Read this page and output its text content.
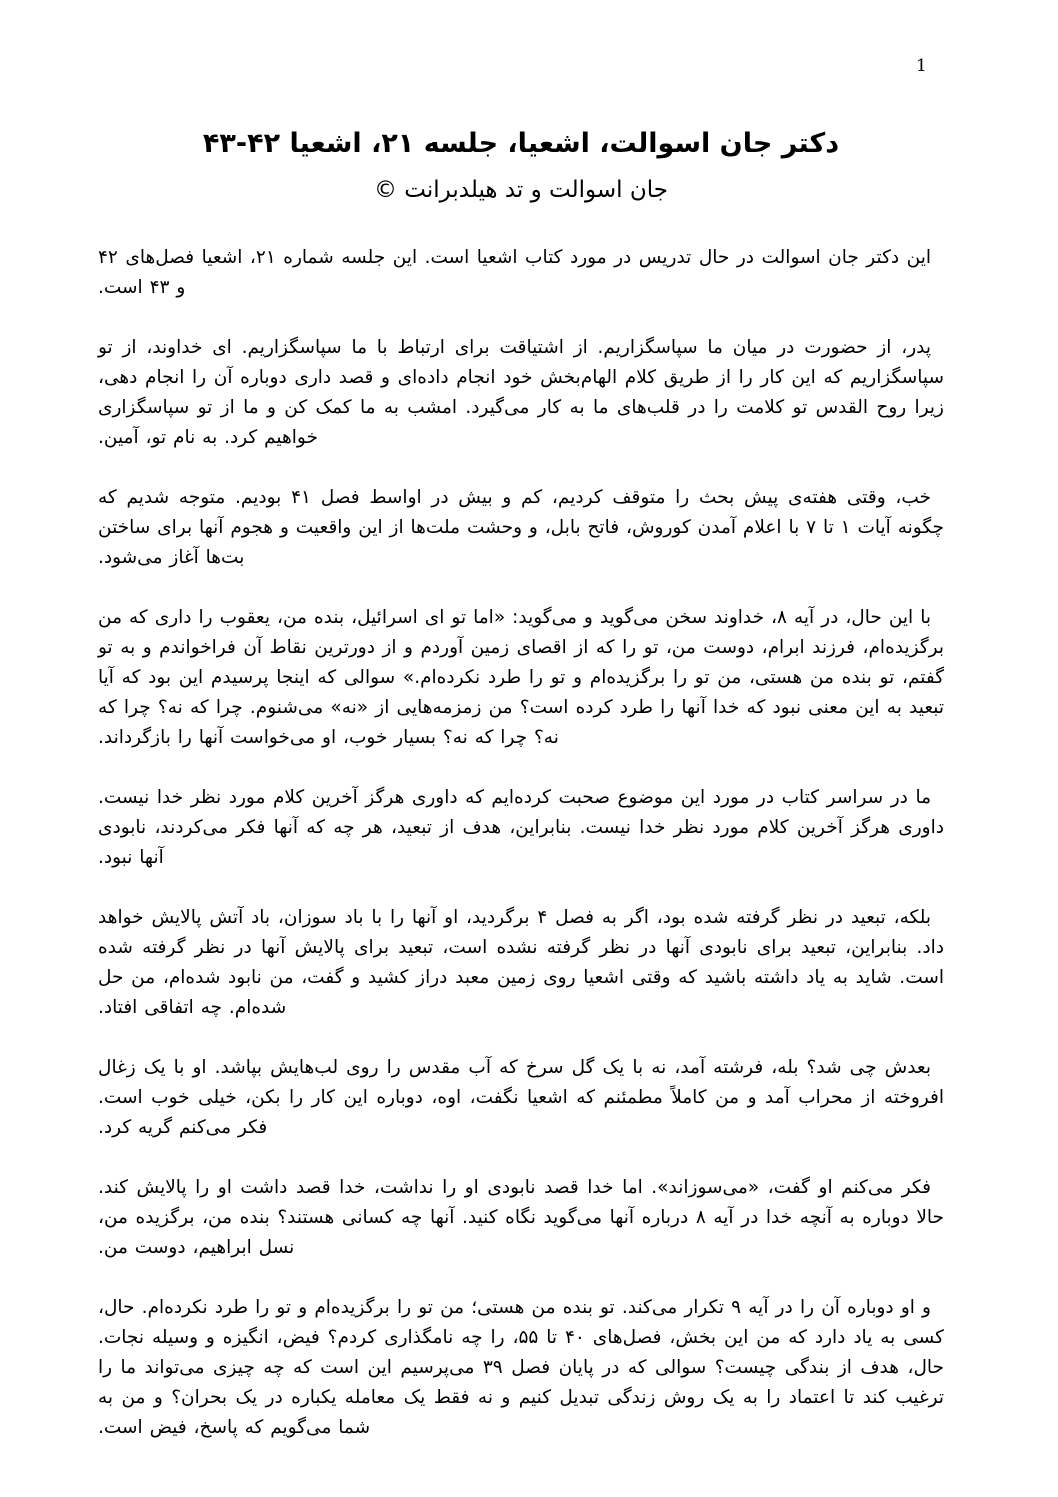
1
دکتر جان اسوالت، اشعیا، جلسه ۲۱، اشعیا ۴۲-۴۳
جان اسوالت و تد هیلدبرانت ©

این دکتر جان اسوالت در حال تدریس در مورد کتاب اشعیا است. این جلسه شماره ۲۱، اشعیا فصل‌های ۴۲ و ۴۳ است.

پدر، از حضورت در میان ما سپاسگزاریم. از اشتیاقت برای ارتباط با ما سپاسگزاریم. ای خداوند، از تو سپاسگزاریم که این کار را از طریق کلام الهام‌بخش خود انجام داده‌ای و قصد داری دوباره آن را انجام دهی، زیرا روح القدس تو کلامت را در قلب‌های ما به کار می‌گیرد. امشب به ما کمک کن و ما از تو سپاسگزاری خواهیم کرد. به نام تو، آمین.

خب، وقتی هفته‌ی پیش بحث را متوقف کردیم، کم و بیش در اواسط فصل ۴۱ بودیم. متوجه شدیم که چگونه آیات ۱ تا ۷ با اعلام آمدن کوروش، فاتح بابل، و وحشت ملت‌ها از این واقعیت و هجوم آنها برای ساختن بت‌ها آغاز می‌شود.

با این حال، در آیه ۸، خداوند سخن می‌گوید و می‌گوید: «اما تو ای اسرائیل، بنده من، یعقوب را داری که من برگزیده‌ام، فرزند ابرام، دوست من، تو را که از اقصای زمین آوردم و از دورترین نقاط آن فراخواندم و به تو گفتم، تو بنده من هستی، من تو را برگزیده‌ام و تو را طرد نکرده‌ام.» سوالی که اینجا پرسیدم این بود که آیا تبعید به این معنی نبود که خدا آنها را طرد کرده است؟ من زمزمه‌هایی از «نه» می‌شنوم. چرا که نه؟ چرا که نه؟ چرا که نه؟ بسیار خوب، او می‌خواست آنها را بازگرداند.

ما در سراسر کتاب در مورد این موضوع صحبت کرده‌ایم که داوری هرگز آخرین کلام مورد نظر خدا نیست. داوری هرگز آخرین کلام مورد نظر خدا نیست. بنابراین، هدف از تبعید، هر چه که آنها فکر می‌کردند، نابودی آنها نبود.

بلکه، تبعید در نظر گرفته شده بود، اگر به فصل ۴ برگردید، او آنها را با باد سوزان، باد آتش پالایش خواهد داد. بنابراین، تبعید برای نابودی آنها در نظر گرفته نشده است، تبعید برای پالایش آنها در نظر گرفته شده است. شاید به یاد داشته باشید که وقتی اشعیا روی زمین معبد دراز کشید و گفت، من نابود شده‌ام، من حل شده‌ام. چه اتفاقی افتاد.

بعدش چی شد؟ بله، فرشته آمد، نه با یک گل سرخ که آب مقدس را روی لب‌هایش بپاشد. او با یک زغال افروخته از محراب آمد و من کاملاً مطمئنم که اشعیا نگفت، اوه، دوباره این کار را بکن، خیلی خوب است. فکر می‌کنم گریه کرد.

فکر می‌کنم او گفت، «می‌سوزاند». اما خدا قصد نابودی او را نداشت، خدا قصد داشت او را پالایش کند. حالا دوباره به آنچه خدا در آیه ۸ درباره آنها می‌گوید نگاه کنید. آنها چه کسانی هستند؟ بنده من، برگزیده من، نسل ابراهیم، دوست من.

و او دوباره آن را در آیه ۹ تکرار می‌کند. تو بنده من هستی؛ من تو را برگزیده‌ام و تو را طرد نکرده‌ام. حال، کسی به یاد دارد که من این بخش، فصل‌های ۴۰ تا ۵۵، را چه نامگذاری کردم؟ فیض، انگیزه و وسیله نجات. حال، هدف از بندگی چیست؟ سوالی که در پایان فصل ۳۹ می‌پرسیم این است که چه چیزی می‌تواند ما را ترغیب کند تا اعتماد را به یک روش زندگی تبدیل کنیم و نه فقط یک معامله یکباره در یک بحران؟ و من به شما می‌گویم که پاسخ، فیض است.
